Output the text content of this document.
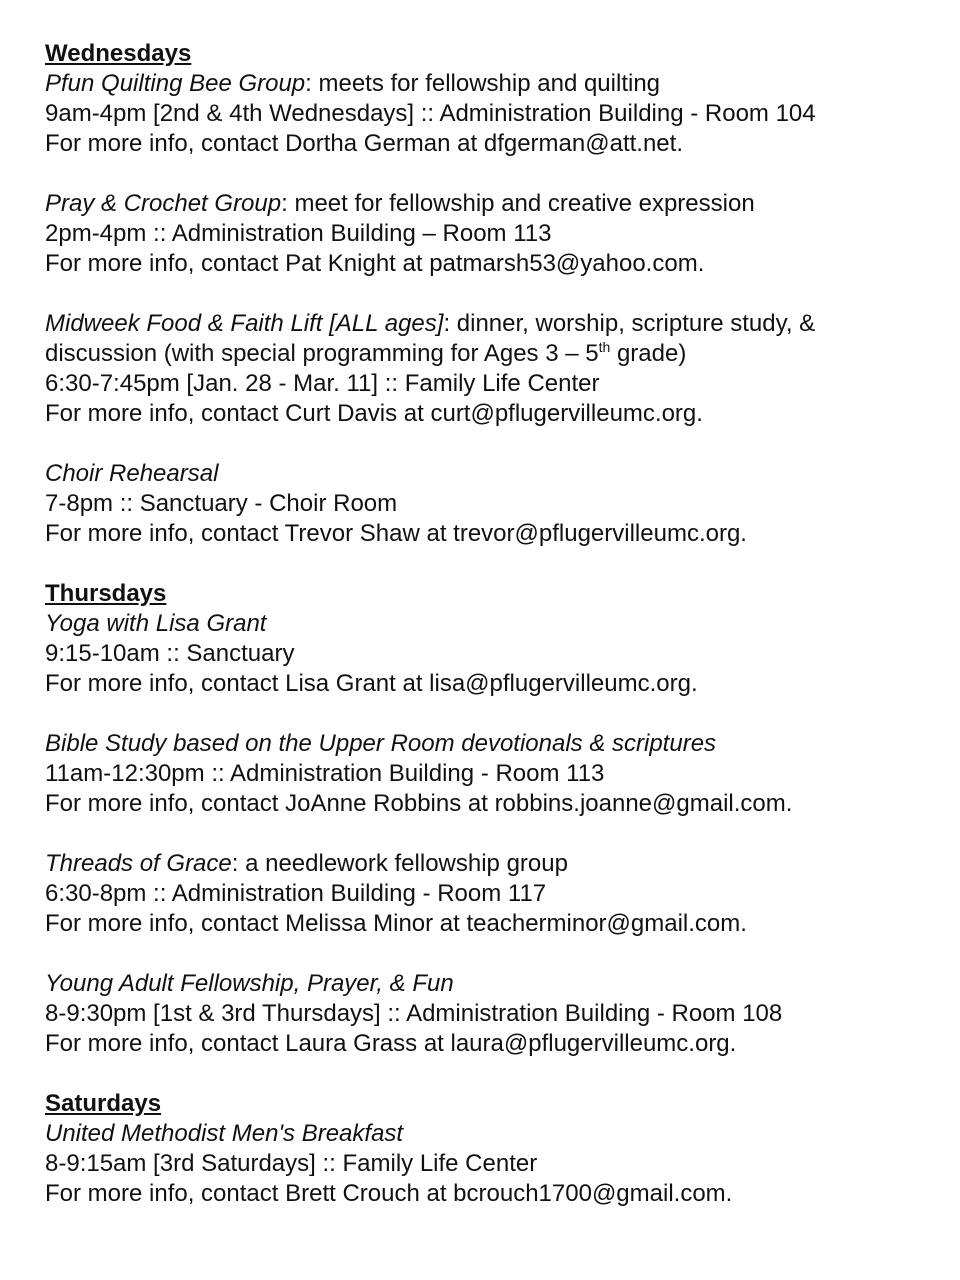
Wednesdays
Pfun Quilting Bee Group: meets for fellowship and quilting
9am-4pm [2nd & 4th Wednesdays] :: Administration Building - Room 104
For more info, contact Dortha German at dfgerman@att.net.
Pray & Crochet Group: meet for fellowship and creative expression
2pm-4pm :: Administration Building – Room 113
For more info, contact Pat Knight at patmarsh53@yahoo.com.
Midweek Food & Faith Lift [ALL ages]: dinner, worship, scripture study, &
discussion (with special programming for Ages 3 – 5th grade)
6:30-7:45pm [Jan. 28 - Mar. 11] :: Family Life Center
For more info, contact Curt Davis at curt@pflugervilleumc.org.
Choir Rehearsal
7-8pm :: Sanctuary - Choir Room
For more info, contact Trevor Shaw at trevor@pflugervilleumc.org.
Thursdays
Yoga with Lisa Grant
9:15-10am :: Sanctuary
For more info, contact Lisa Grant at lisa@pflugervilleumc.org.
Bible Study based on the Upper Room devotionals & scriptures
11am-12:30pm :: Administration Building - Room 113
For more info, contact JoAnne Robbins at robbins.joanne@gmail.com.
Threads of Grace: a needlework fellowship group
6:30-8pm :: Administration Building - Room 117
For more info, contact Melissa Minor at teacherminor@gmail.com.
Young Adult Fellowship, Prayer, & Fun
8-9:30pm [1st & 3rd Thursdays] :: Administration Building - Room 108
For more info, contact Laura Grass at laura@pflugervilleumc.org.
Saturdays
United Methodist Men's Breakfast
8-9:15am [3rd Saturdays] :: Family Life Center
For more info, contact Brett Crouch at bcrouch1700@gmail.com.
